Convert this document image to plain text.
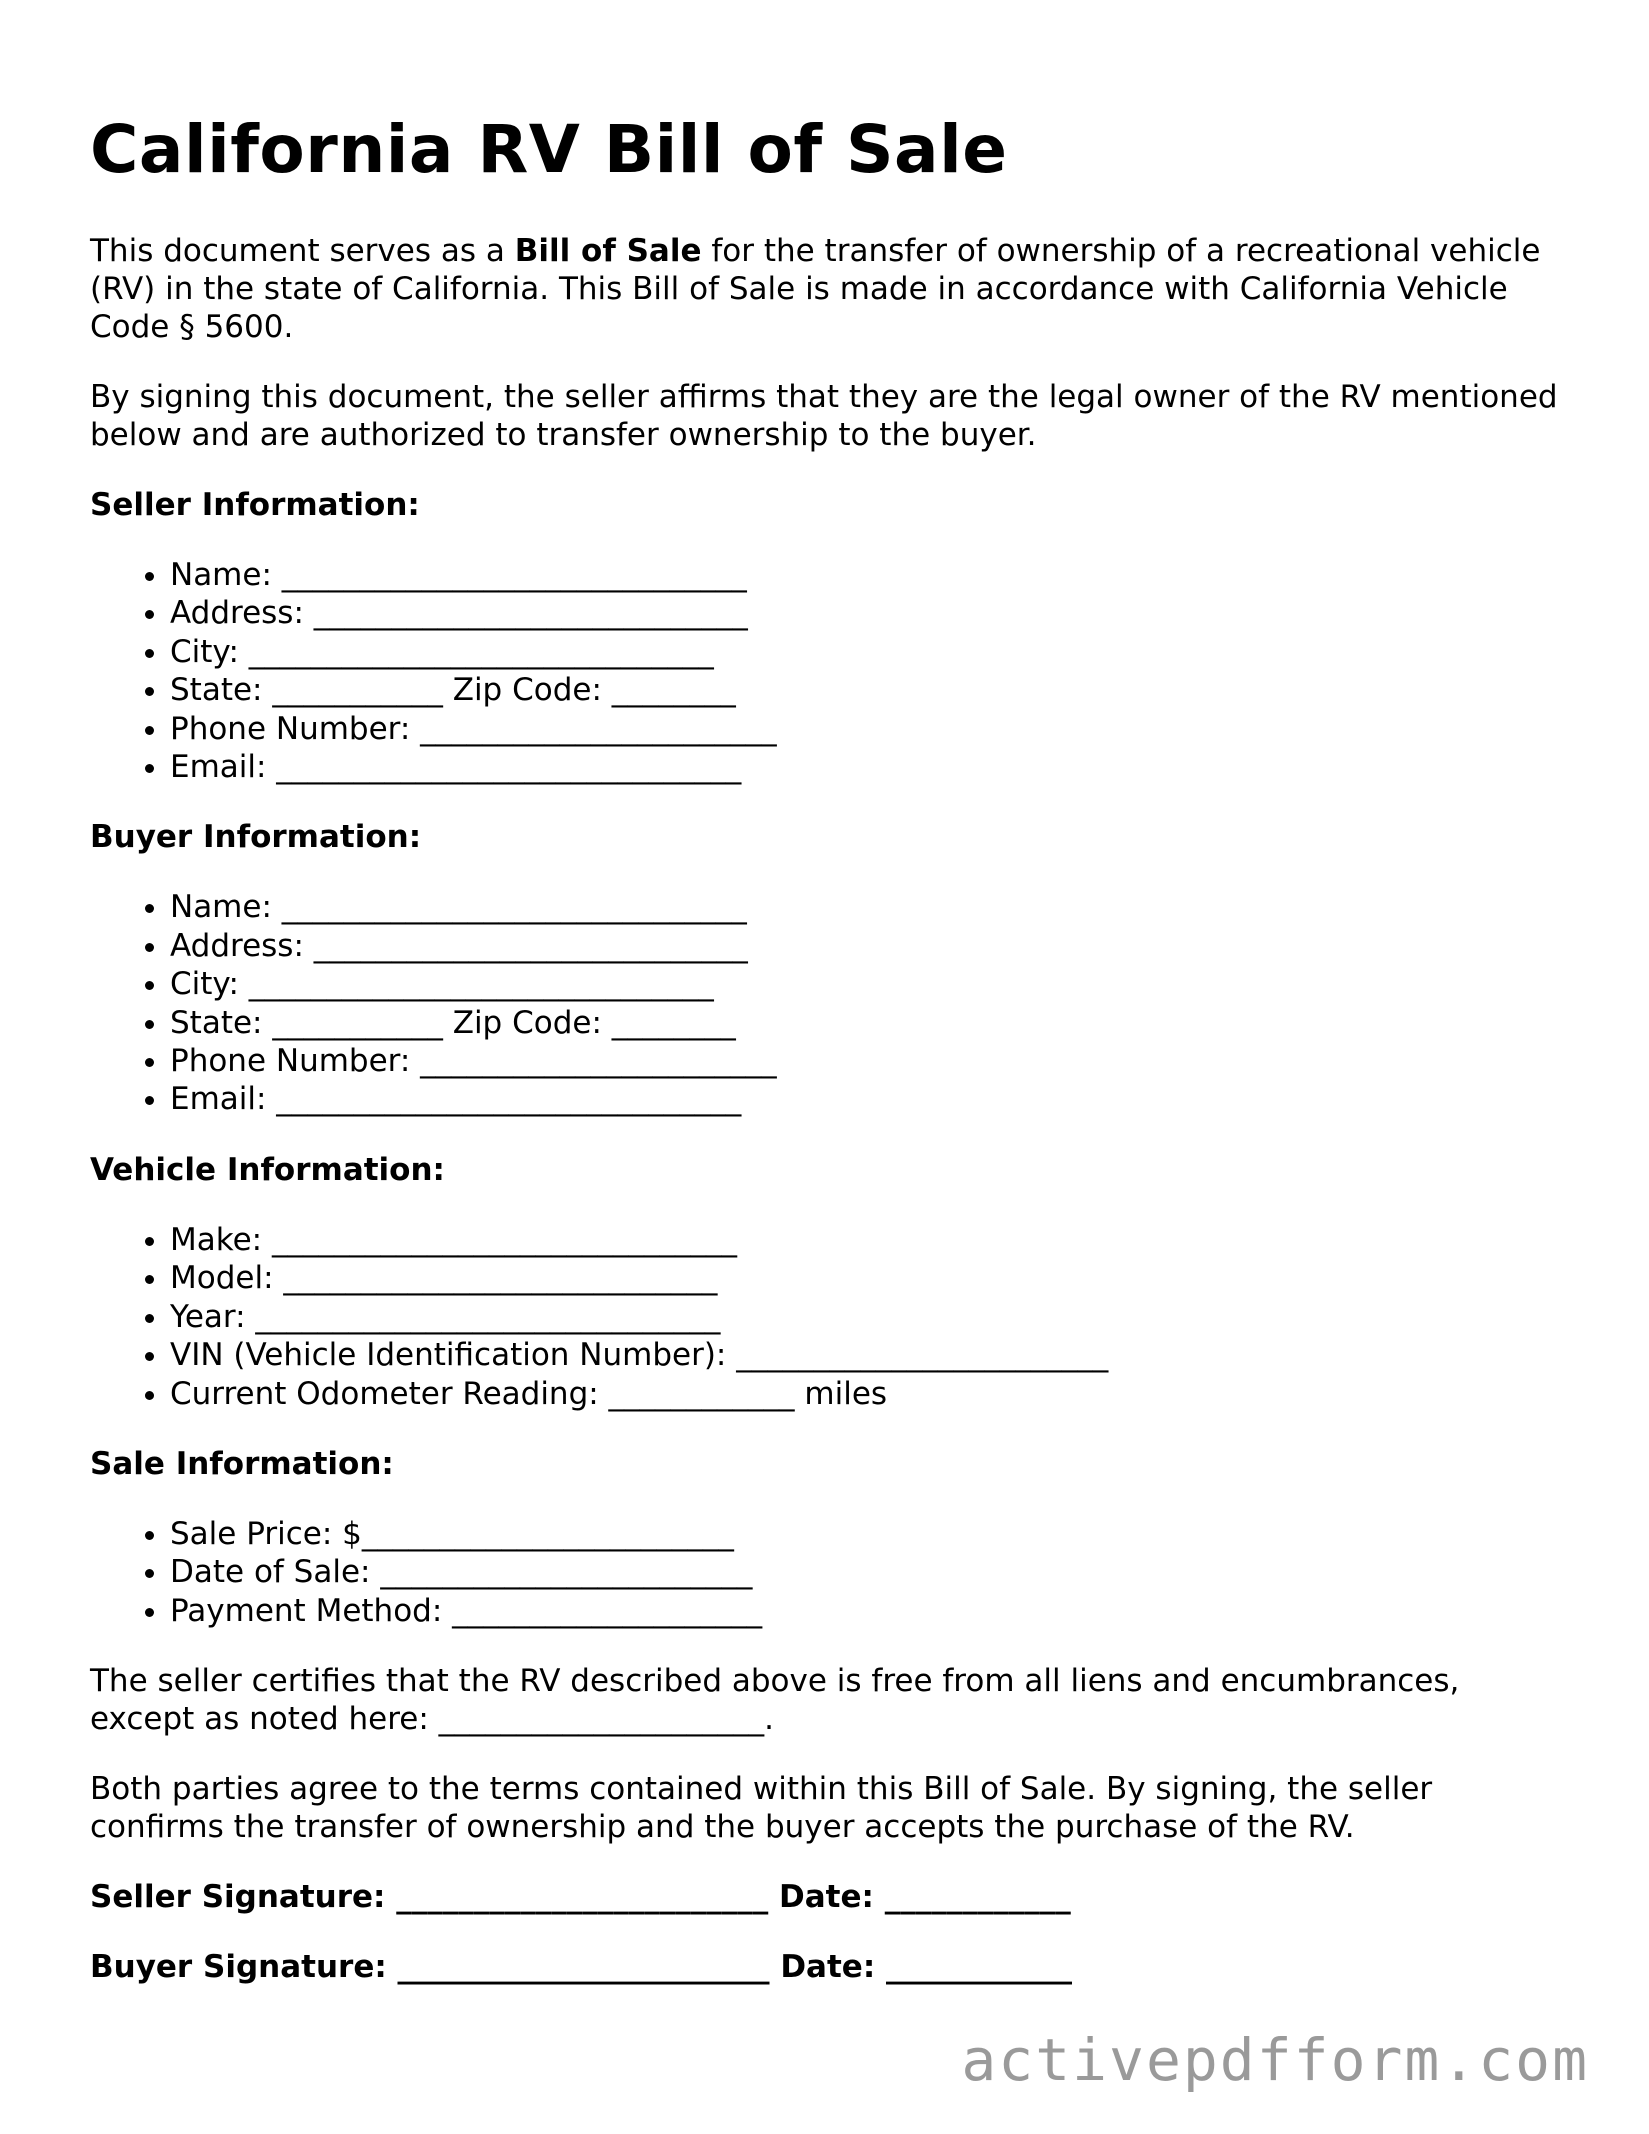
California RV Bill of Sale

This document serves as a Bill of Sale for the transfer of ownership of a recreational vehicle (RV) in the state of California. This Bill of Sale is made in accordance with California Vehicle Code § 5600.

By signing this document, the seller affirms that they are the legal owner of the RV mentioned below and are authorized to transfer ownership to the buyer.

Seller Information:
• Name: ______________________________
• Address: ____________________________
• City: ______________________________
• State: ___________ Zip Code: ________
• Phone Number: _______________________
• Email: ______________________________
Buyer Information:
• Name: ______________________________
• Address: ____________________________
• City: ______________________________
• State: ___________ Zip Code: ________
• Phone Number: _______________________
• Email: ______________________________
Vehicle Information:
• Make: ______________________________
• Model: ____________________________
• Year: ______________________________
• VIN (Vehicle Identification Number): ________________________
• Current Odometer Reading: ____________ miles
Sale Information:
• Sale Price: $________________________
• Date of Sale: ________________________
• Payment Method: ____________________

The seller certifies that the RV described above is free from all liens and encumbrances, except as noted here: _____________________.

Both parties agree to the terms contained within this Bill of Sale. By signing, the seller confirms the transfer of ownership and the buyer accepts the purchase of the RV.

Seller Signature: ________________________ Date: ____________
Buyer Signature: ________________________ Date: ____________
activepdfform.com
